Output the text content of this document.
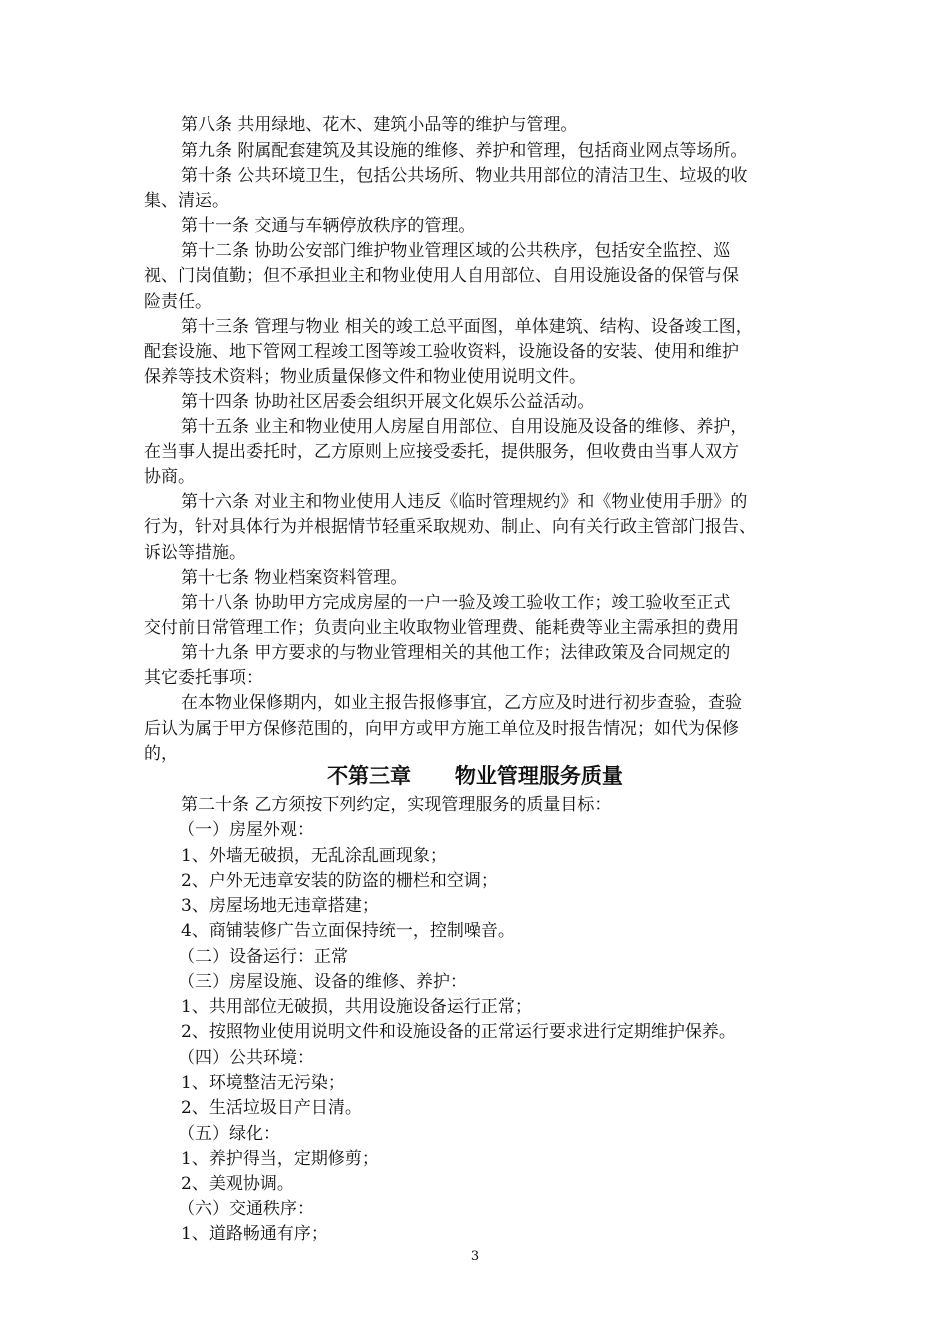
第八条 共用绿地、花木、建筑小品等的维护与管理。
第九条 附属配套建筑及其设施的维修、养护和管理，包括商业网点等场所。
第十条 公共环境卫生，包括公共场所、物业共用部位的清洁卫生、垃圾的收
集、清运。
第十一条 交通与车辆停放秩序的管理。
第十二条 协助公安部门维护物业管理区域的公共秩序，包括安全监控、巡
视、门岗值勤；但不承担业主和物业使用人自用部位、自用设施设备的保管与保
险责任。
第十三条 管理与物业 相关的竣工总平面图，单体建筑、结构、设备竣工图，
配套设施、地下管网工程竣工图等竣工验收资料，设施设备的安装、使用和维护
保养等技术资料；物业质量保修文件和物业使用说明文件。
第十四条 协助社区居委会组织开展文化娱乐公益活动。
第十五条 业主和物业使用人房屋自用部位、自用设施及设备的维修、养护，
在当事人提出委托时，乙方原则上应接受委托，提供服务，但收费由当事人双方
协商。
第十六条 对业主和物业使用人违反《临时管理规约》和《物业使用手册》的
行为，针对具体行为并根据情节轻重采取规劝、制止、向有关行政主管部门报告、
诉讼等措施。
第十七条 物业档案资料管理。
第十八条 协助甲方完成房屋的一户一验及竣工验收工作；竣工验收至正式
交付前日常管理工作；负责向业主收取物业管理费、能耗费等业主需承担的费用
第十九条 甲方要求的与物业管理相关的其他工作；法律政策及合同规定的
其它委托事项：
在本物业保修期内，如业主报告报修事宜，乙方应及时进行初步查验，查验
后认为属于甲方保修范围的，向甲方或甲方施工单位及时报告情况；如代为保修
的，
不第三章      物业管理服务质量
第二十条 乙方须按下列约定，实现管理服务的质量目标：
（一）房屋外观：
1、外墙无破损，无乱涂乱画现象；
2、户外无违章安装的防盗的栅栏和空调；
3、房屋场地无违章搭建；
4、商铺装修广告立面保持统一，控制噪音。
（二）设备运行：正常
（三）房屋设施、设备的维修、养护：
1、共用部位无破损，共用设施设备运行正常；
2、按照物业使用说明文件和设施设备的正常运行要求进行定期维护保养。
（四）公共环境：
1、环境整洁无污染；
2、生活垃圾日产日清。
（五）绿化：
1、养护得当，定期修剪；
2、美观协调。
（六）交通秩序：
1、道路畅通有序；
3
